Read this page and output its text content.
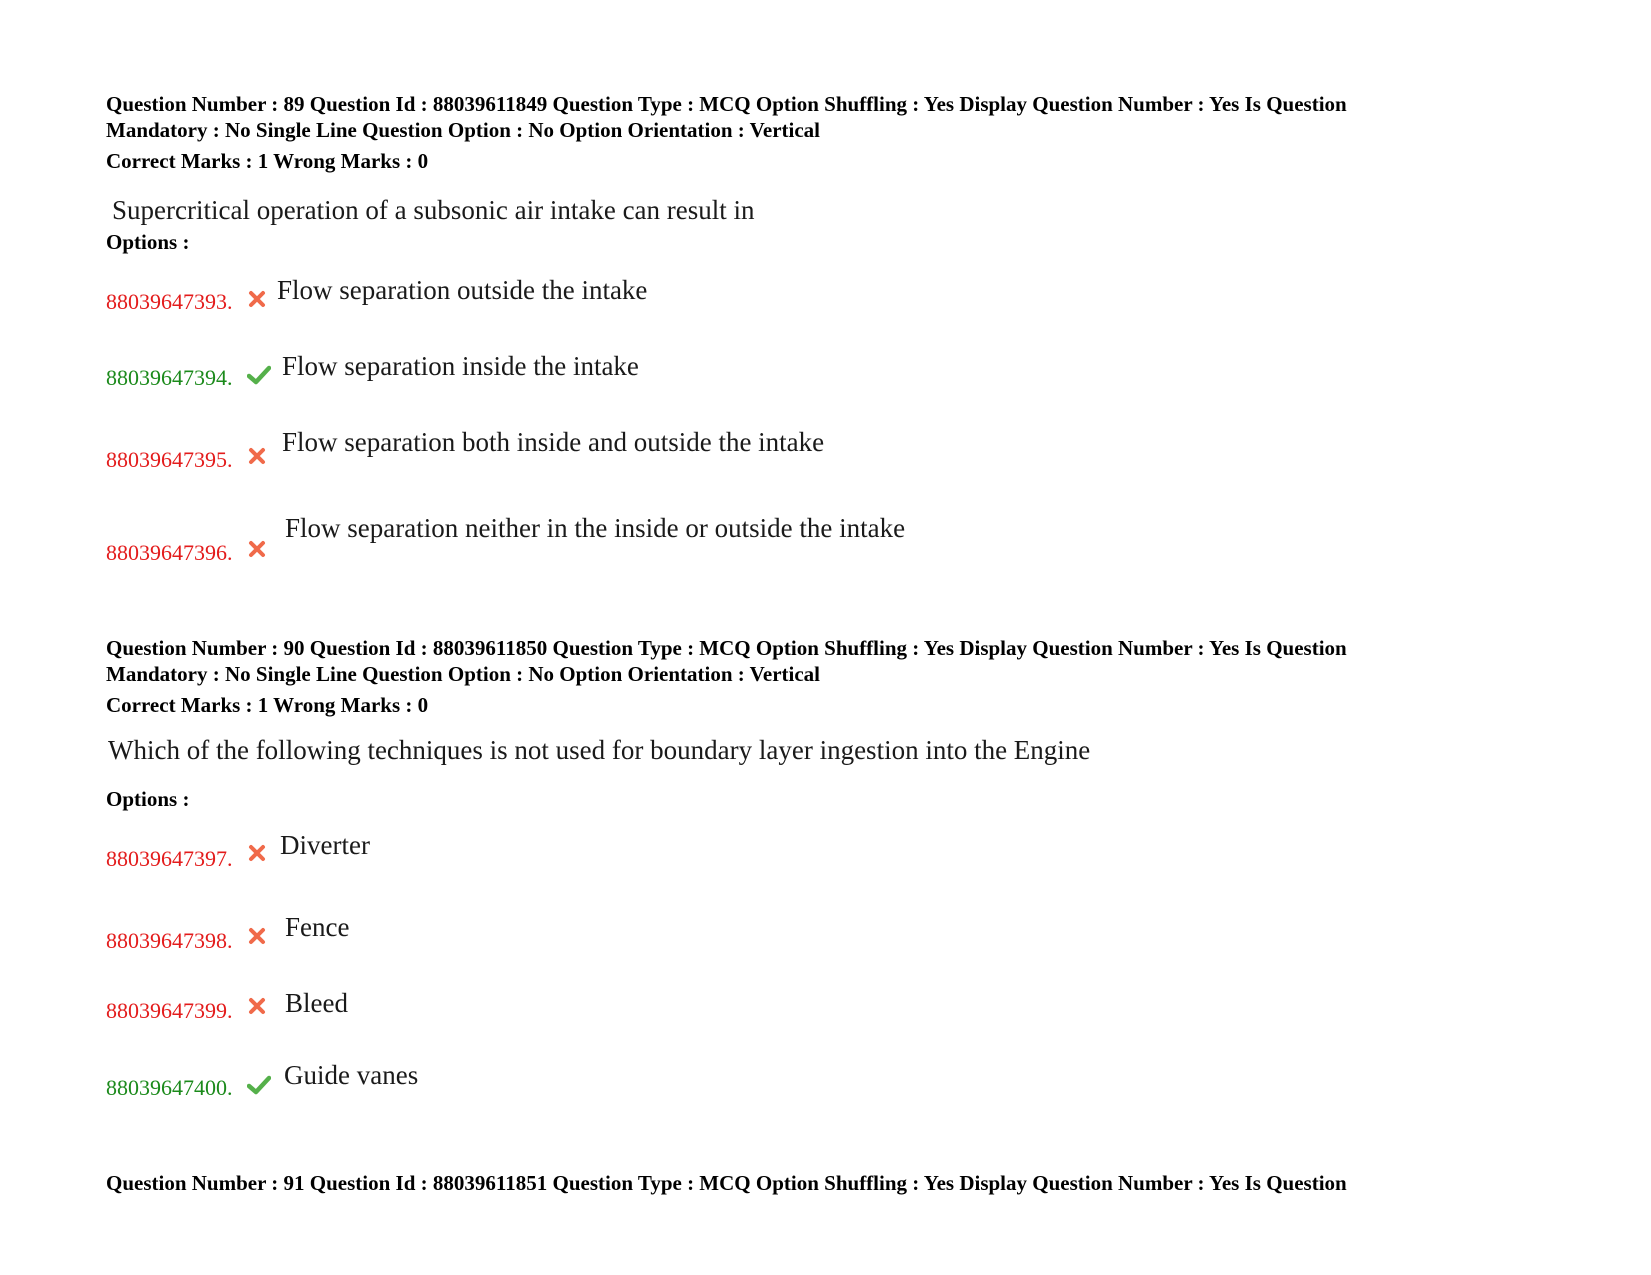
Question Number : 89 Question Id : 88039611849 Question Type : MCQ Option Shuffling : Yes Display Question Number : Yes Is Question
Mandatory : No Single Line Question Option : No Option Orientation : Vertical
Correct Marks : 1 Wrong Marks : 0
Supercritical operation of a subsonic air intake can result in
Options :
88039647393. Flow separation outside the intake
88039647394. Flow separation inside the intake
88039647395.
Flow separation both inside and outside the intake
88039647396.
Flow separation neither in the inside or outside the intake
Question Number : 90 Question Id : 88039611850 Question Type : MCQ Option Shuffling : Yes Display Question Number : Yes Is Question
Mandatory : No Single Line Question Option : No Option Orientation : Vertical
Correct Marks : 1 Wrong Marks : 0
Which of the following techniques is not used for boundary layer ingestion into the Engine
Options :
88039647397. Diverter
88039647398. Fence
88039647399. Bleed
88039647400. Guide vanes
Question Number : 91 Question Id : 88039611851 Question Type : MCQ Option Shuffling : Yes Display Question Number : Yes Is Question
